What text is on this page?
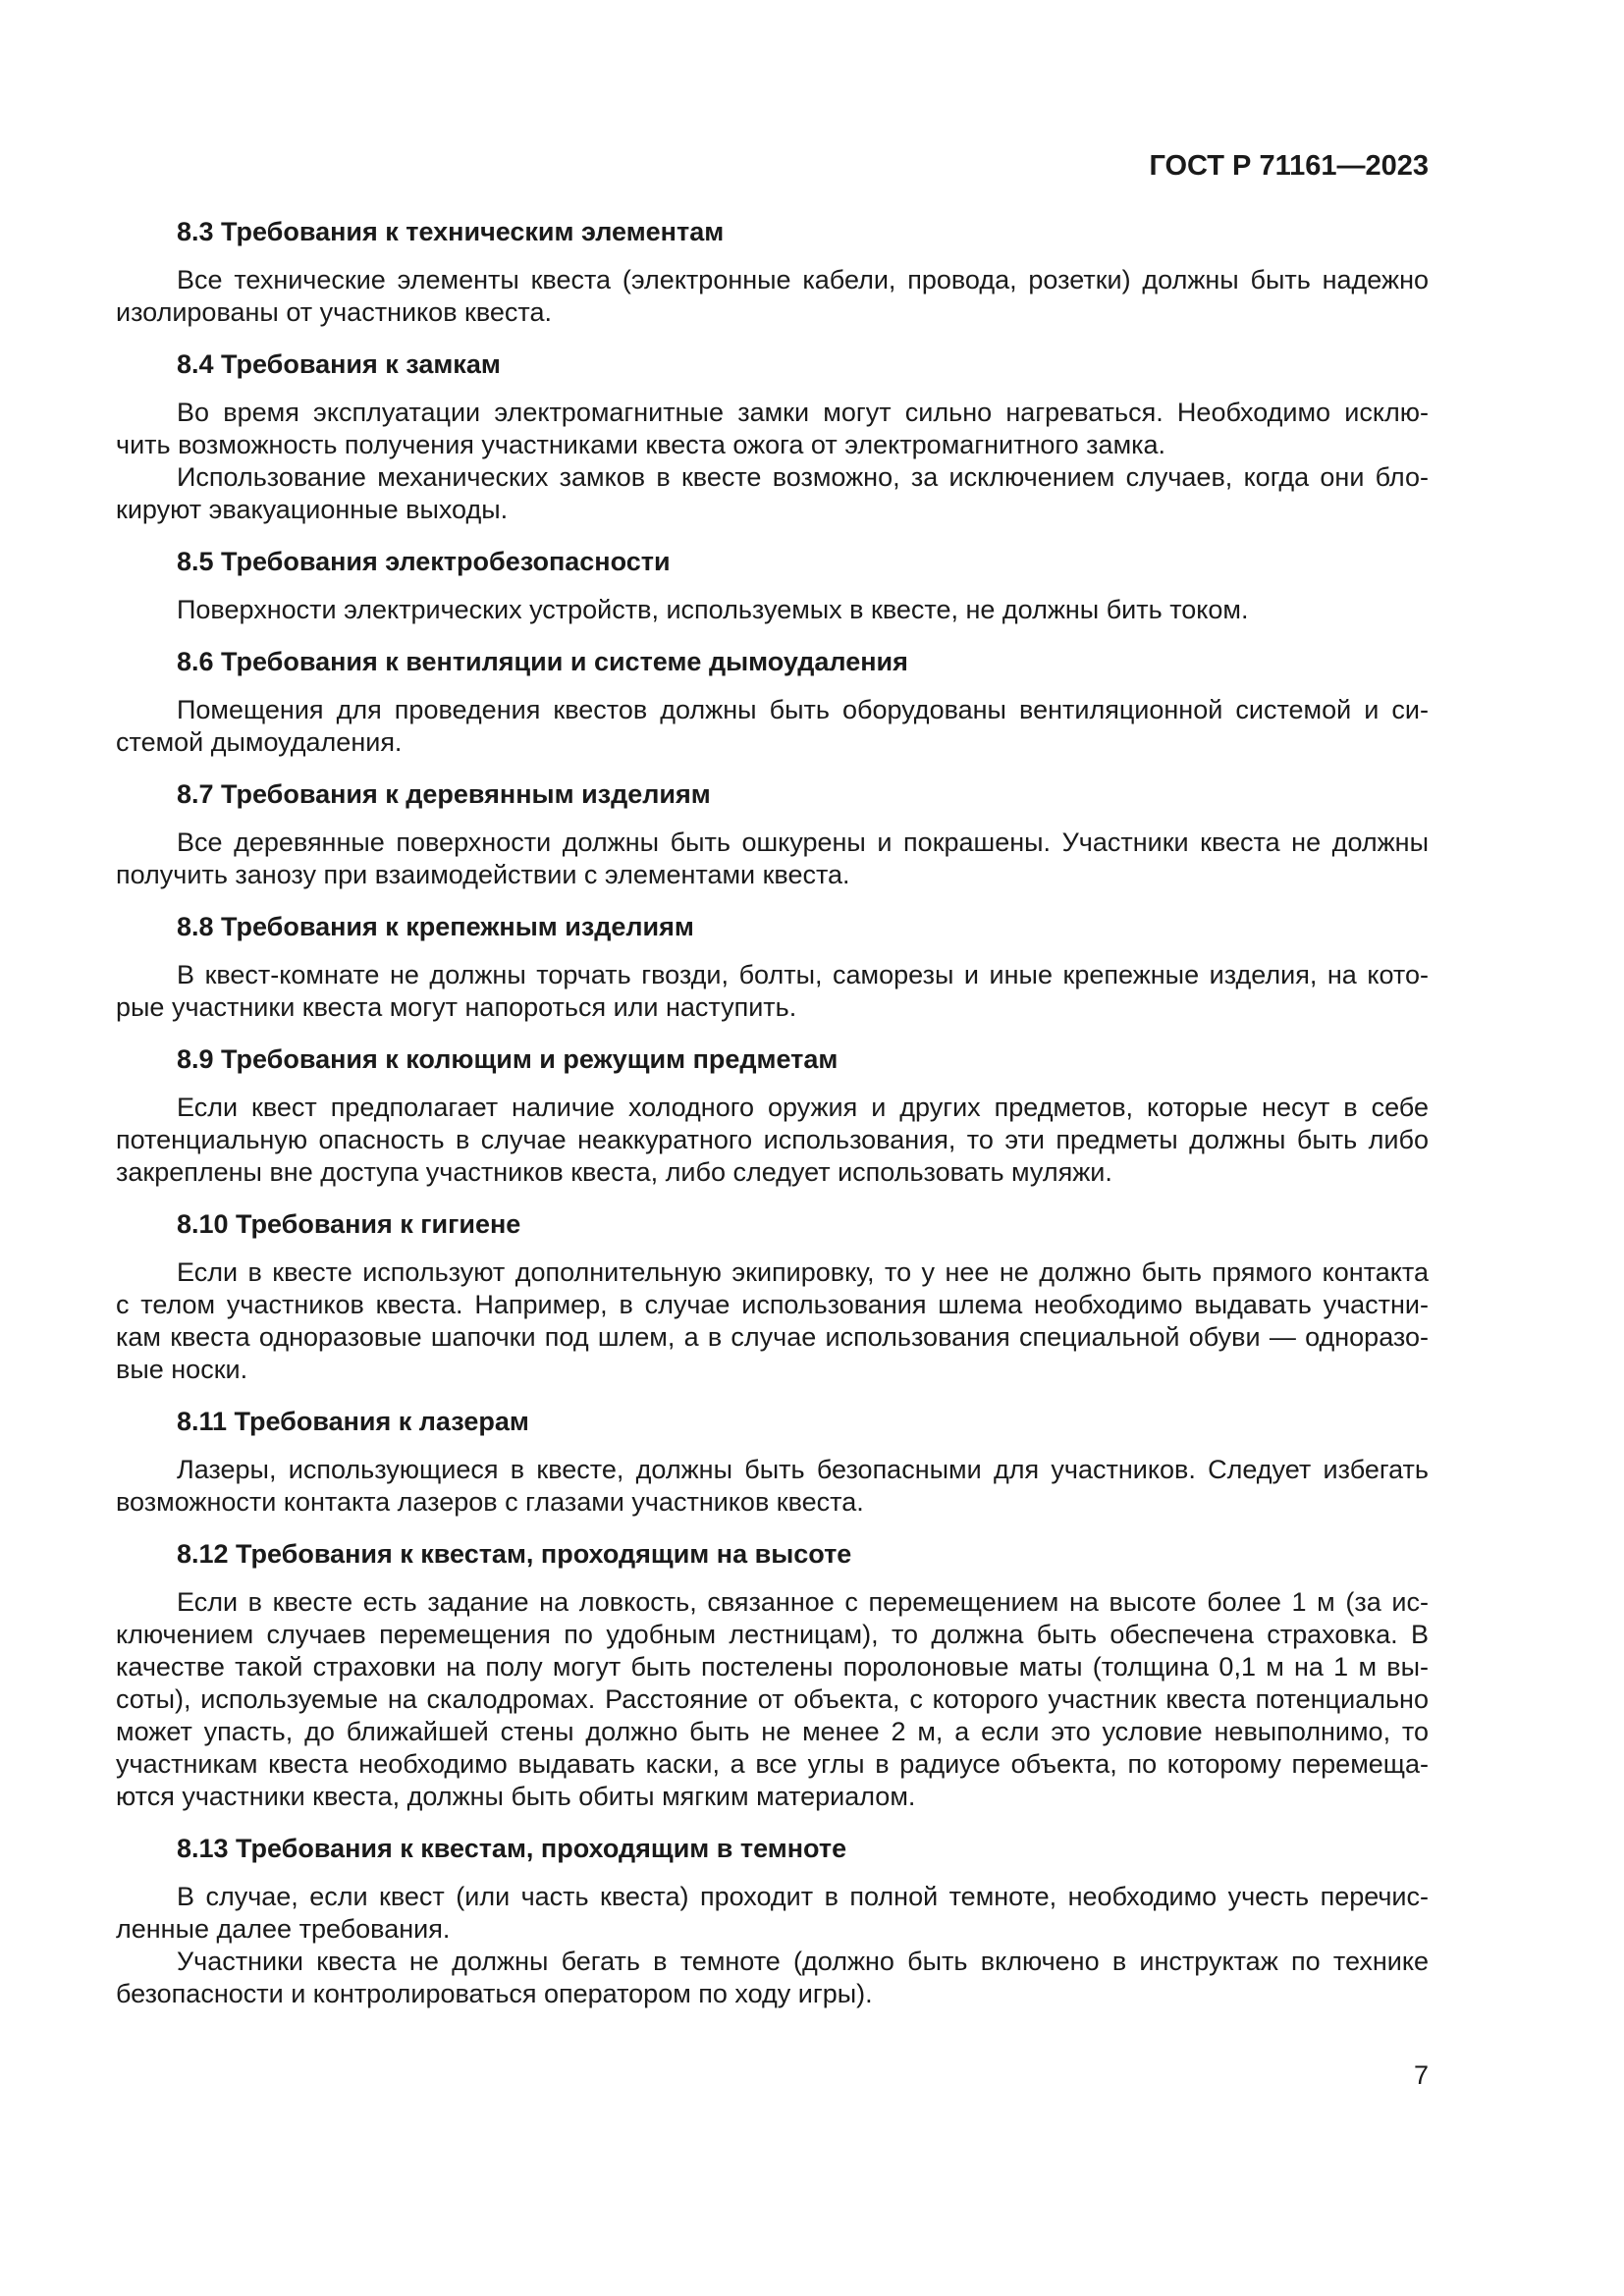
ГОСТ Р 71161—2023
8.3 Требования к техническим элементам
Все технические элементы квеста (электронные кабели, провода, розетки) должны быть надежно
изолированы от участников квеста.
8.4 Требования к замкам
Во время эксплуатации электромагнитные замки могут сильно нагреваться. Необходимо исклю-
чить возможность получения участниками квеста ожога от электромагнитного замка.
Использование механических замков в квесте возможно, за исключением случаев, когда они бло-
кируют эвакуационные выходы.
8.5 Требования электробезопасности
Поверхности электрических устройств, используемых в квесте, не должны бить током.
8.6 Требования к вентиляции и системе дымоудаления
Помещения для проведения квестов должны быть оборудованы вентиляционной системой и си-
стемой дымоудаления.
8.7 Требования к деревянным изделиям
Все деревянные поверхности должны быть ошкурены и покрашены. Участники квеста не должны
получить занозу при взаимодействии с элементами квеста.
8.8 Требования к крепежным изделиям
В квест-комнате не должны торчать гвозди, болты, саморезы и иные крепежные изделия, на кото-
рые участники квеста могут напороться или наступить.
8.9 Требования к колющим и режущим предметам
Если квест предполагает наличие холодного оружия и других предметов, которые несут в себе
потенциальную опасность в случае неаккуратного использования, то эти предметы должны быть либо
закреплены вне доступа участников квеста, либо следует использовать муляжи.
8.10 Требования к гигиене
Если в квесте используют дополнительную экипировку, то у нее не должно быть прямого контакта
с телом участников квеста. Например, в случае использования шлема необходимо выдавать участни-
кам квеста одноразовые шапочки под шлем, а в случае использования специальной обуви — одноразо-
вые носки.
8.11 Требования к лазерам
Лазеры, использующиеся в квесте, должны быть безопасными для участников. Следует избегать
возможности контакта лазеров с глазами участников квеста.
8.12 Требования к квестам, проходящим на высоте
Если в квесте есть задание на ловкость, связанное с перемещением на высоте более 1 м (за ис-
ключением случаев перемещения по удобным лестницам), то должна быть обеспечена страховка. В
качестве такой страховки на полу могут быть постелены поролоновые маты (толщина 0,1 м на 1 м вы-
соты), используемые на скалодромах. Расстояние от объекта, с которого участник квеста потенциально
может упасть, до ближайшей стены должно быть не менее 2 м, а если это условие невыполнимо, то
участникам квеста необходимо выдавать каски, а все углы в радиусе объекта, по которому перемеща-
ются участники квеста, должны быть обиты мягким материалом.
8.13 Требования к квестам, проходящим в темноте
В случае, если квест (или часть квеста) проходит в полной темноте, необходимо учесть перечис-
ленные далее требования.
Участники квеста не должны бегать в темноте (должно быть включено в инструктаж по технике
безопасности и контролироваться оператором по ходу игры).
7
